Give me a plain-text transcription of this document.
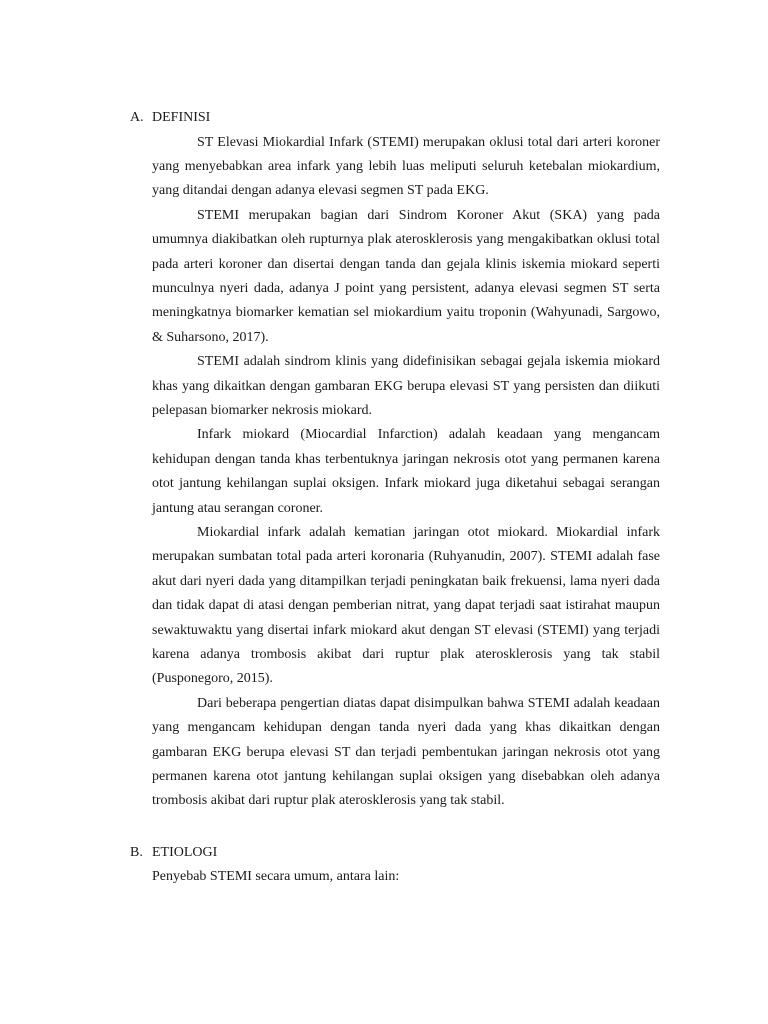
A. DEFINISI

ST Elevasi Miokardial Infark (STEMI) merupakan oklusi total dari arteri koroner yang menyebabkan area infark yang lebih luas meliputi seluruh ketebalan miokardium, yang ditandai dengan adanya elevasi segmen ST pada EKG.

STEMI merupakan bagian dari Sindrom Koroner Akut (SKA) yang pada umumnya diakibatkan oleh rupturnya plak aterosklerosis yang mengakibatkan oklusi total pada arteri koroner dan disertai dengan tanda dan gejala klinis iskemia miokard seperti munculnya nyeri dada, adanya J point yang persistent, adanya elevasi segmen ST serta meningkatnya biomarker kematian sel miokardium yaitu troponin (Wahyunadi, Sargowo, & Suharsono, 2017).

STEMI adalah sindrom klinis yang didefinisikan sebagai gejala iskemia miokard khas yang dikaitkan dengan gambaran EKG berupa elevasi ST yang persisten dan diikuti pelepasan biomarker nekrosis miokard.

Infark miokard (Miocardial Infarction) adalah keadaan yang mengancam kehidupan dengan tanda khas terbentuknya jaringan nekrosis otot yang permanen karena otot jantung kehilangan suplai oksigen. Infark miokard juga diketahui sebagai serangan jantung atau serangan coroner.

Miokardial infark adalah kematian jaringan otot miokard. Miokardial infark merupakan sumbatan total pada arteri koronaria (Ruhyanudin, 2007). STEMI adalah fase akut dari nyeri dada yang ditampilkan terjadi peningkatan baik frekuensi, lama nyeri dada dan tidak dapat di atasi dengan pemberian nitrat, yang dapat terjadi saat istirahat maupun sewaktuwaktu yang disertai infark miokard akut dengan ST elevasi (STEMI) yang terjadi karena adanya trombosis akibat dari ruptur plak aterosklerosis yang tak stabil (Pusponegoro, 2015).

Dari beberapa pengertian diatas dapat disimpulkan bahwa STEMI adalah keadaan yang mengancam kehidupan dengan tanda nyeri dada yang khas dikaitkan dengan gambaran EKG berupa elevasi ST dan terjadi pembentukan jaringan nekrosis otot yang permanen karena otot jantung kehilangan suplai oksigen yang disebabkan oleh adanya trombosis akibat dari ruptur plak aterosklerosis yang tak stabil.

B. ETIOLOGI

Penyebab STEMI secara umum, antara lain:
